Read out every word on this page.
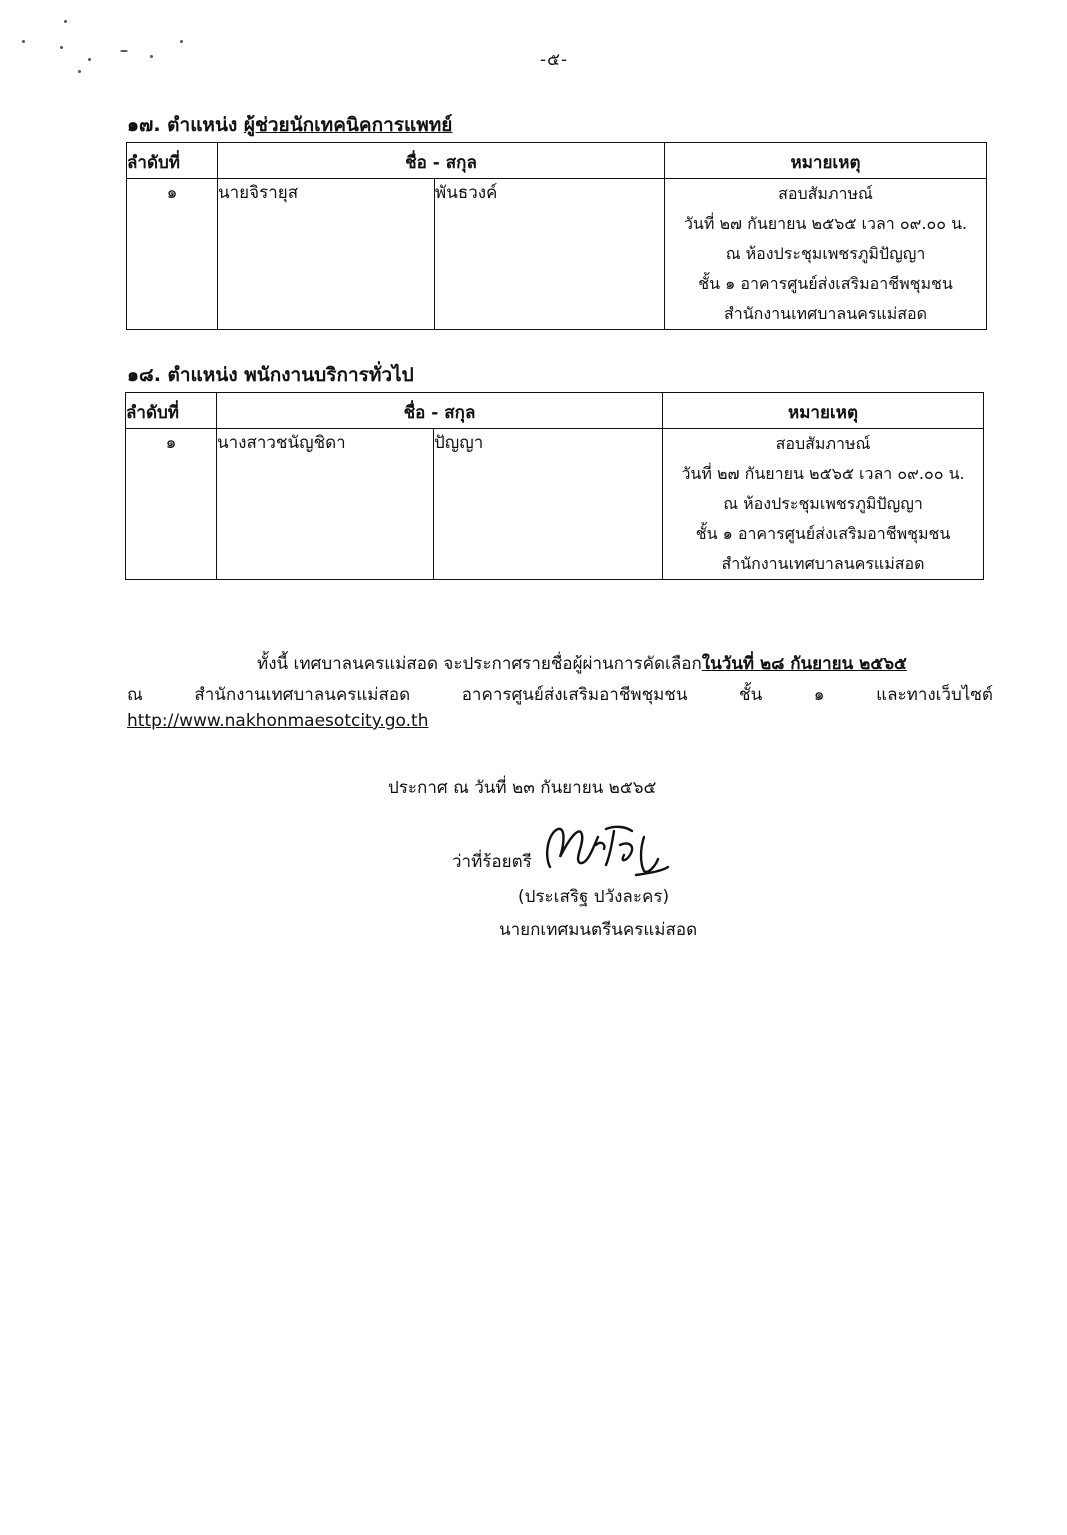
-๕-
๑๗. ตำแหน่ง ผู้ช่วยนักเทคนิคการแพทย์
ลำดับที่	ชื่อ - สกุล		หมายเหตุ
๑	นายจิรายุส	พันธวงค์	สอบสัมภาษณ์
วันที่ ๒๗ กันยายน ๒๕๖๕ เวลา ๐๙.๐๐ น.
ณ ห้องประชุมเพชรภูมิปัญญา
ชั้น ๑ อาคารศูนย์ส่งเสริมอาชีพชุมชน
สำนักงานเทศบาลนครแม่สอด
๑๘. ตำแหน่ง พนักงานบริการทั่วไป
ลำดับที่	ชื่อ - สกุล		หมายเหตุ
๑	นางสาวชนัญชิดา	ปัญญา	สอบสัมภาษณ์
วันที่ ๒๗ กันยายน ๒๕๖๕ เวลา ๐๙.๐๐ น.
ณ ห้องประชุมเพชรภูมิปัญญา
ชั้น ๑ อาคารศูนย์ส่งเสริมอาชีพชุมชน
สำนักงานเทศบาลนครแม่สอด
ทั้งนี้ เทศบาลนครแม่สอด จะประกาศรายชื่อผู้ผ่านการคัดเลือกในวันที่ ๒๘ กันยายน ๒๕๖๕
ณ	สำนักงานเทศบาลนครแม่สอด	อาคารศูนย์ส่งเสริมอาชีพชุมชน	ชั้น	๑	และทางเว็บไซต์
http://www.nakhonmaesotcity.go.th
ประกาศ ณ วันที่ ๒๓ กันยายน ๒๕๖๕
ว่าที่ร้อยตรี
(ประเสริฐ ปวังละคร)
นายกเทศมนตรีนครแม่สอด
